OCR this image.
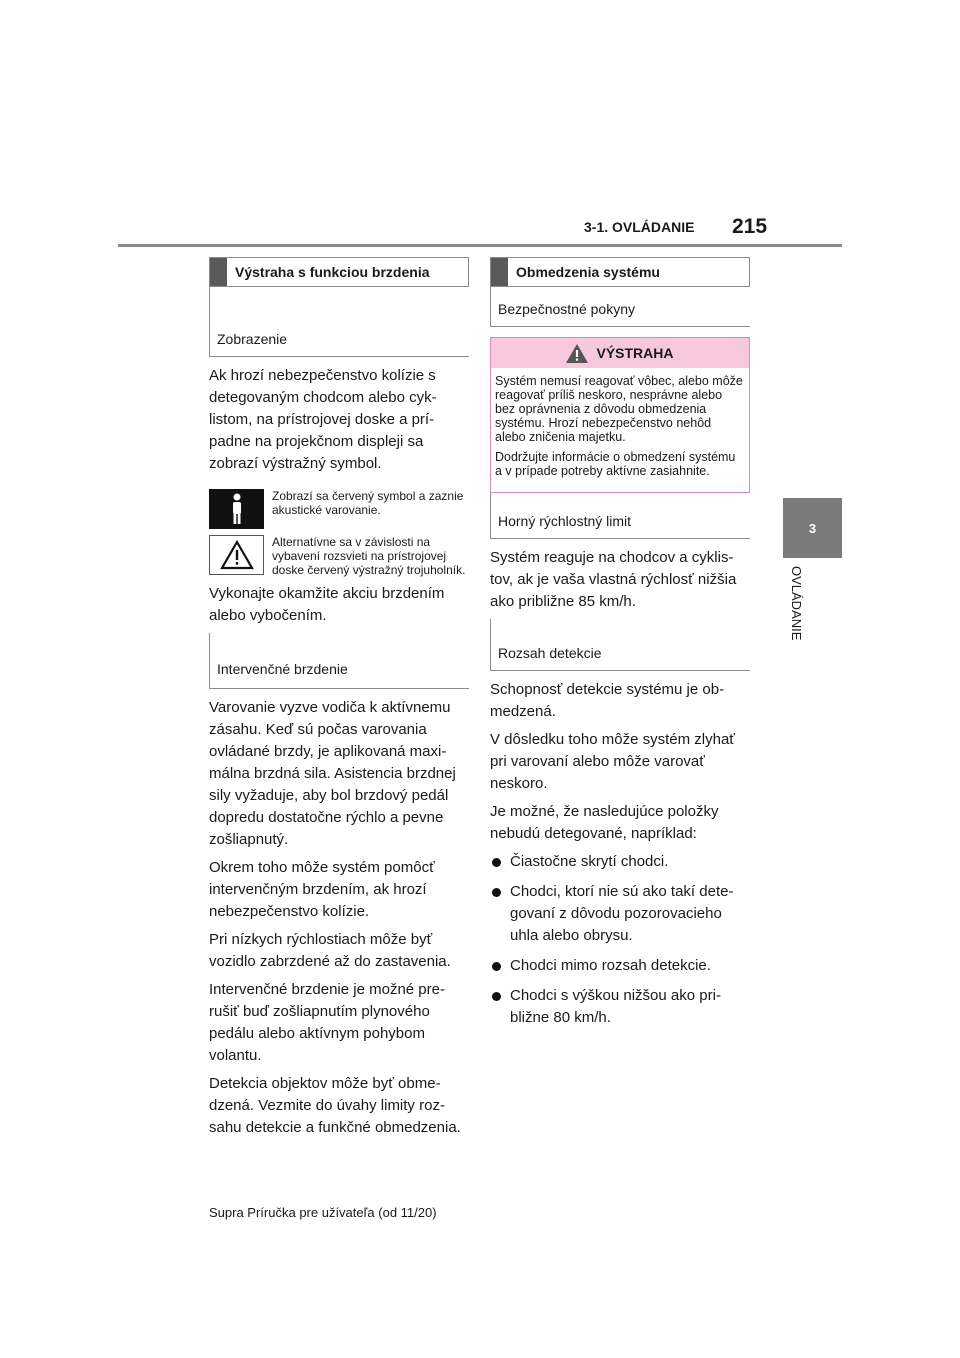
3-1. OVLÁDANIE 215
3
OVLÁDANIE
Výstraha s funkciou brzdenia
Zobrazenie

Ak hrozí nebezpečenstvo kolízie s detegovaným chodcom alebo cyklistom, na prístrojovej doske a prípadne na projekčnom displeji sa zobrazí výstražný symbol.

Zobrazí sa červený symbol a zaznie akustické varovanie.
Alternatívne sa v závislosti na vybavení rozsvieti na prístrojovej doske červený výstražný trojuholník.

Vykonajte okamžite akciu brzdením alebo vybočením.

Intervenčné brzdenie

Varovanie vyzve vodiča k aktívnemu zásahu. Keď sú počas varovania ovládané brzdy, je aplikovaná maximálna brzdná sila. Asistencia brzdnej sily vyžaduje, aby bol brzdový pedál dopredu dostatočne rýchlo a pevne zošliapnutý.

Okrem toho môže systém pomôcť intervenčným brzdením, ak hrozí nebezpečenstvo kolízie.

Pri nízkych rýchlostiach môže byť vozidlo zabrzdené až do zastavenia.

Intervenčné brzdenie je možné prerušiť buď zošliapnutím plynového pedálu alebo aktívnym pohybom volantu.

Detekcia objektov môže byť obmedzená. Vezmite do úvahy limity rozsahu detekcie a funkčné obmedzenia.

Obmedzenia systému
Bezpečnostné pokyny
VÝSTRAHA

Systém nemusí reagovať vôbec, alebo môže reagovať príliš neskoro, nesprávne alebo bez oprávnenia z dôvodu obmedzenia systému. Hrozí nebezpečenstvo nehôd alebo zničenia majetku.

Dodržujte informácie o obmedzení systému a v prípade potreby aktívne zasiahnite.

Horný rýchlostný limit

Systém reaguje na chodcov a cyklistov, ak je vaša vlastná rýchlosť nižšia ako približne 85 km/h.

Rozsah detekcie

Schopnosť detekcie systému je obmedzená.

V dôsledku toho môže systém zlyhať pri varovaní alebo môže varovať neskoro.

Je možné, že nasledujúce položky nebudú detegované, napríklad:

Čiastočne skrytí chodci.
Chodci, ktorí nie sú ako takí detegovaní z dôvodu pozorovacieho uhla alebo obrysu.
Chodci mimo rozsah detekcie.
Chodci s výškou nižšou ako približne 80 km/h.
Supra Príručka pre užívateľa (od 11/20)
